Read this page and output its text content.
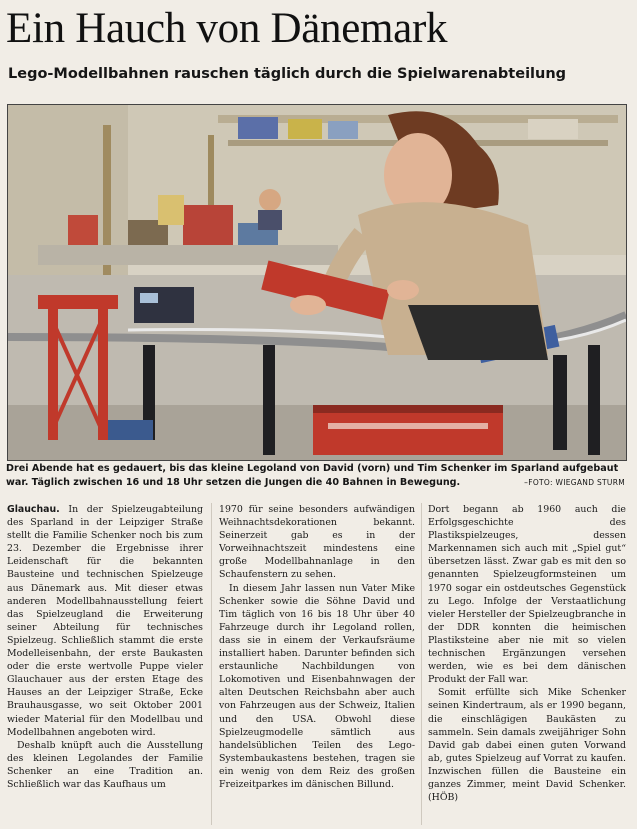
Ein Hauch von Dänemark
Lego-Modellbahnen rauschen täglich durch die Spielwarenabteilung
Drei Abende hat es gedauert, bis das kleine Legoland von David (vorn) und Tim Schenker im Sparland aufgebaut
war. Täglich zwischen 16 und 18 Uhr setzen die Jungen die 40 Bahnen in Bewegung.	–FOTO: WIEGAND STURM

Glauchau. In der Spielzeugabteilung des Sparland in der Leipziger Straße stellt die Familie Schenker noch bis zum 23. Dezember die Ergebnisse ihrer Leidenschaft für die bekannten Bausteine und technischen Spielzeuge aus Dänemark aus. Mit dieser etwas anderen Modellbahnausstellung feiert das Spielzeugland die Erweiterung seiner Abteilung für technisches Spielzeug. Schließlich stammt die erste Modelleisenbahn, der erste Baukasten oder die erste wertvolle Puppe vieler Glauchauer aus der ersten Etage des Hauses an der Leipziger Straße, Ecke Brauhausgasse, wo seit Oktober 2001 wieder Material für den Modellbau und Modellbahnen angeboten wird.

Deshalb knüpft auch die Ausstellung des kleinen Legolandes der Familie Schenker an eine Tradition an. Schließlich war das Kaufhaus um

1970 für seine besonders aufwändigen Weihnachtsdekorationen bekannt. Seinerzeit gab es in der Vorweihnachtszeit mindestens eine große Modellbahnanlage in den Schaufenstern zu sehen.

In diesem Jahr lassen nun Vater Mike Schenker sowie die Söhne David und Tim täglich von 16 bis 18 Uhr über 40 Fahrzeuge durch ihr Legoland rollen, dass sie in einem der Verkaufsräume installiert haben. Darunter befinden sich erstaunliche Nachbildungen von Lokomotiven und Eisenbahnwagen der alten Deutschen Reichsbahn aber auch von Fahrzeugen aus der Schweiz, Italien und den USA. Obwohl diese Spielzeugmodelle sämtlich aus handelsüblichen Teilen des Lego-Systembaukastens bestehen, tragen sie ein wenig von dem Reiz des großen Freizeitparkes im dänischen Billund.

Dort begann ab 1960 auch die Erfolgsgeschichte des Plastikspielzeuges, dessen Markennamen sich auch mit „Spiel gut“ übersetzen lässt. Zwar gab es mit den so genannten Spielzeugformsteinen um 1970 sogar ein ostdeutsches Gegenstück zu Lego. Infolge der Verstaatlichung vieler Hersteller der Spielzeugbranche in der DDR konnten die heimischen Plastiksteine aber nie mit so vielen technischen Ergänzungen versehen werden, wie es bei dem dänischen Produkt der Fall war.

Somit erfüllte sich Mike Schenker seinen Kindertraum, als er 1990 begann, die einschlägigen Baukästen zu sammeln. Sein damals zweijähriger Sohn David gab dabei einen guten Vorwand ab, gutes Spielzeug auf Vorrat zu kaufen. Inzwischen füllen die Bausteine ein ganzes Zimmer, meint David Schenker. (HÖB)
